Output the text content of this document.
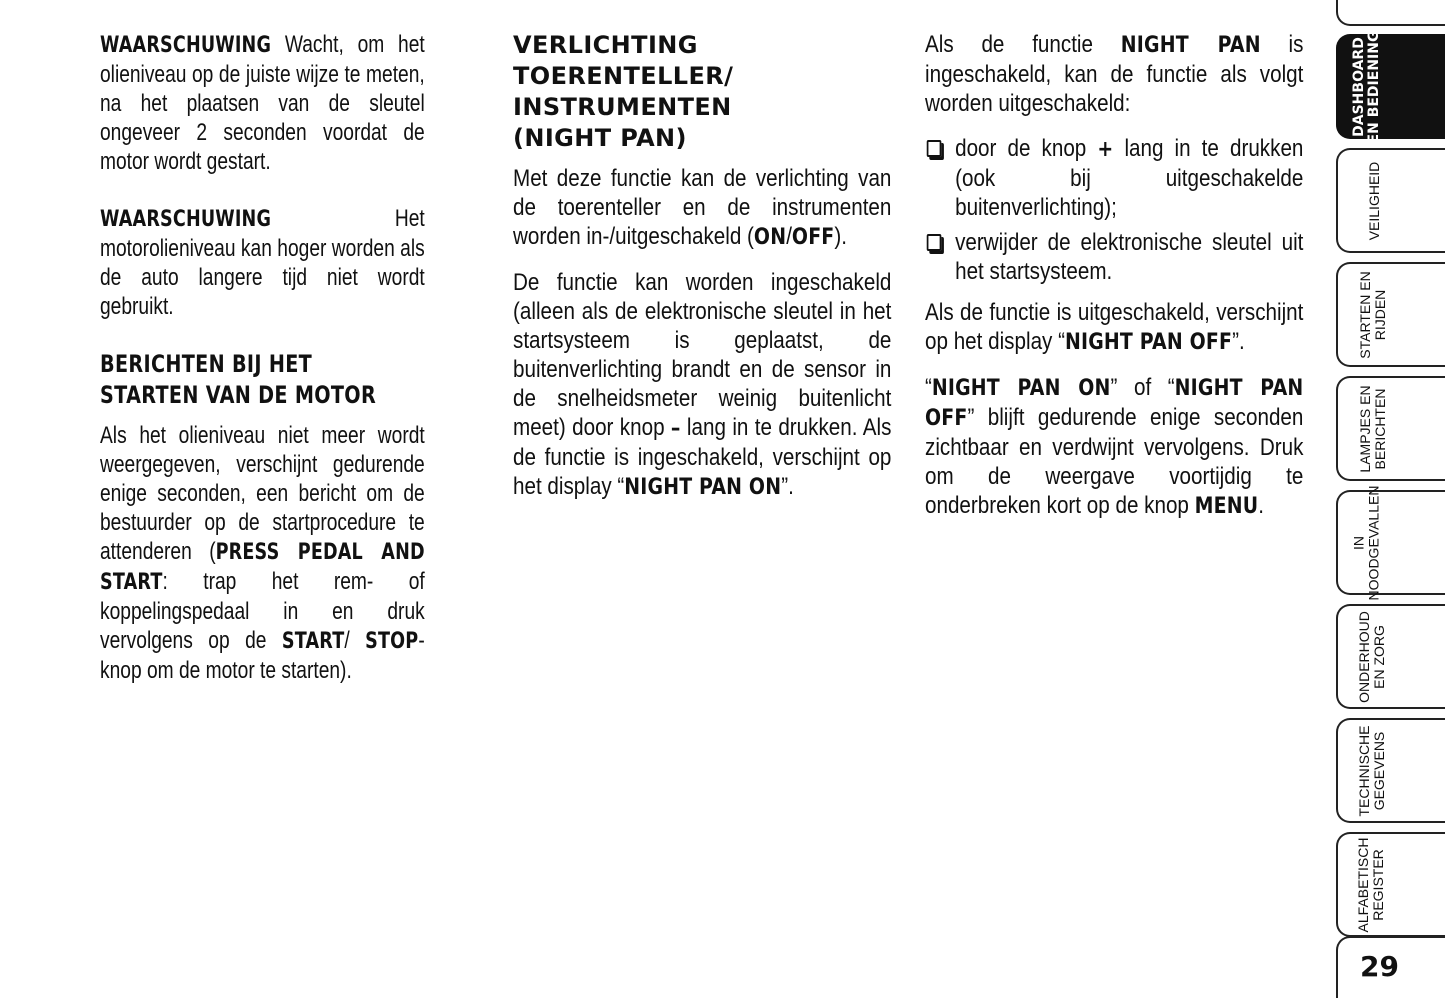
WAARSCHUWING Wacht, om het olieniveau op de juiste wijze te meten, na het plaatsen van de sleutel ongeveer 2 seconden voordat de motor wordt gestart.

WAARSCHUWING Het motorolieniveau kan hoger worden als de auto langere tijd niet wordt gebruikt.

BERICHTEN BIJ HET
STARTEN VAN DE MOTOR

Als het olieniveau niet meer wordt weergegeven, verschijnt gedurende enige seconden, een bericht om de bestuurder op de startprocedure te attenderen (PRESS PEDAL AND START: trap het rem- of koppelingspedaal in en druk vervolgens op de START/ STOP-knop om de motor te starten).

VERLICHTING
TOERENTELLER/
INSTRUMENTEN
(NIGHT PAN)

Met deze functie kan de verlichting van de toerenteller en de instrumenten worden in-/uitgeschakeld (ON/OFF).

De functie kan worden ingeschakeld (alleen als de elektronische sleutel in het startsysteem is geplaatst, de buitenverlichting brandt en de sensor in de snelheidsmeter weinig buitenlicht meet) door knop – lang in te drukken. Als de functie is ingeschakeld, verschijnt op het display “NIGHT PAN ON”.

Als de functie NIGHT PAN is ingeschakeld, kan de functie als volgt worden uitgeschakeld:

door de knop + lang in te drukken (ook bij uitgeschakelde buitenverlichting);
verwijder de elektronische sleutel uit het startsysteem.

Als de functie is uitgeschakeld, verschijnt op het display “NIGHT PAN OFF”.

“NIGHT PAN ON” of “NIGHT PAN OFF” blijft gedurende enige seconden zichtbaar en verdwijnt vervolgens. Druk om de weergave voortijdig te onderbreken kort op de knop MENU.

DASHBOARD
EN BEDIENING
VEILIGHEID
STARTEN EN
RIJDEN
LAMPJES EN
BERICHTEN
IN
NOODGEVALLEN
ONDERHOUD
EN ZORG
TECHNISCHE
GEGEVENS
ALFABETISCH
REGISTER
29
